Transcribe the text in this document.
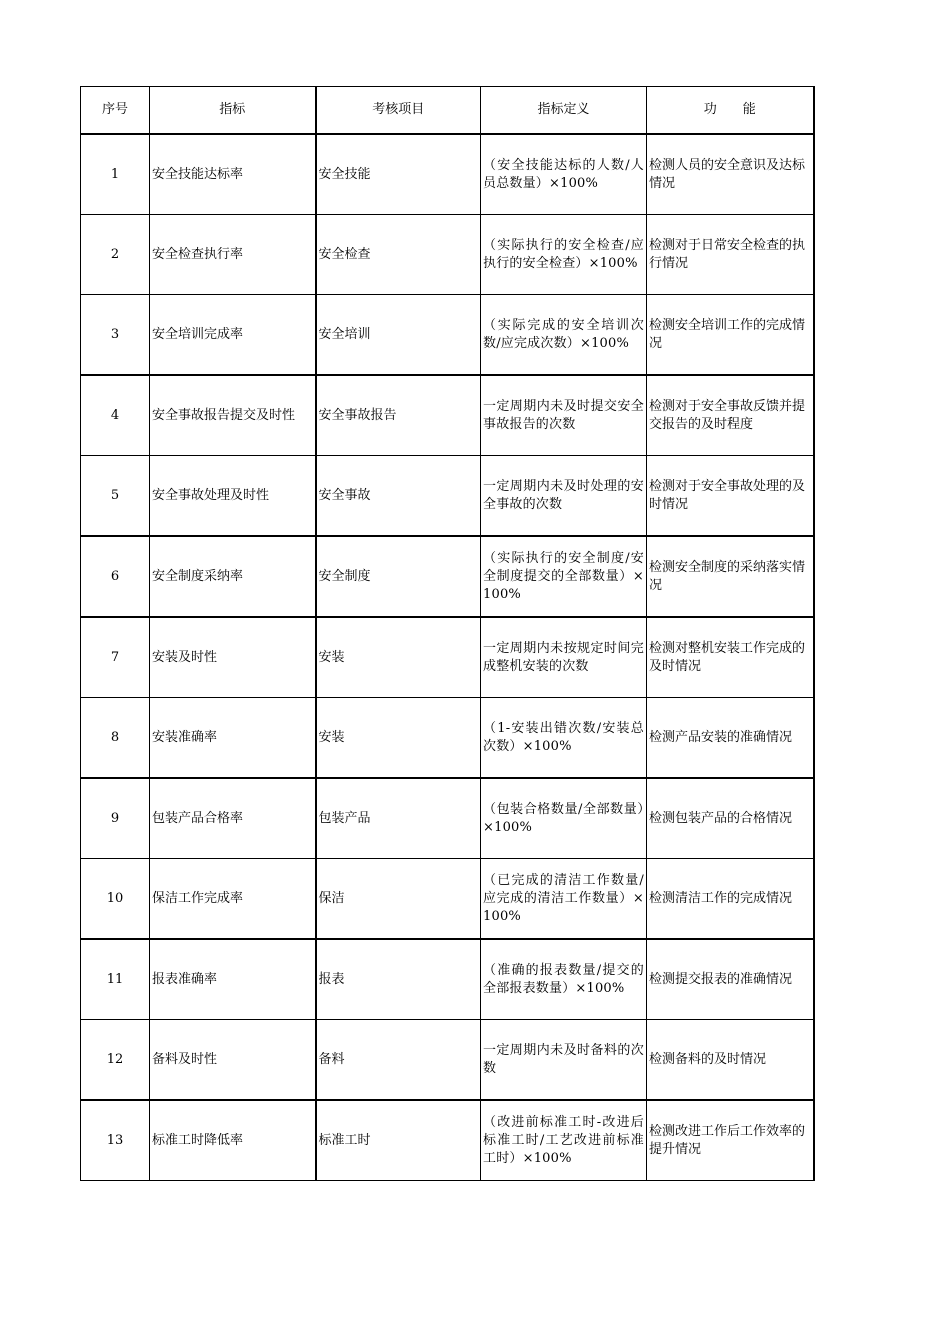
序号	指标	考核项目	指标定义	功　　能
1	安全技能达标率	安全技能	（安全技能达标的人数/人员总数量）×100%	检测人员的安全意识及达标情况
2	安全检查执行率	安全检查	（实际执行的安全检查/应执行的安全检查）×100%	检测对于日常安全检查的执行情况
3	安全培训完成率	安全培训	（实际完成的安全培训次数/应完成次数）×100%	检测安全培训工作的完成情况
4	安全事故报告提交及时性	安全事故报告	一定周期内未及时提交安全事故报告的次数	检测对于安全事故反馈并提交报告的及时程度
5	安全事故处理及时性	安全事故	一定周期内未及时处理的安全事故的次数	检测对于安全事故处理的及时情况
6	安全制度采纳率	安全制度	（实际执行的安全制度/安全制度提交的全部数量）×100%	检测安全制度的采纳落实情况
7	安装及时性	安装	一定周期内未按规定时间完成整机安装的次数	检测对整机安装工作完成的及时情况
8	安装准确率	安装	（1-安装出错次数/安装总次数）×100%	检测产品安装的准确情况
9	包装产品合格率	包装产品	（包装合格数量/全部数量）×100%	检测包装产品的合格情况
10	保洁工作完成率	保洁	（已完成的清洁工作数量/应完成的清洁工作数量）×100%	检测清洁工作的完成情况
11	报表准确率	报表	（准确的报表数量/提交的全部报表数量）×100%	检测提交报表的准确情况
12	备料及时性	备料	一定周期内未及时备料的次数	检测备料的及时情况
13	标准工时降低率	标准工时	（改进前标准工时-改进后标准工时/工艺改进前标准工时）×100%	检测改进工作后工作效率的提升情况
